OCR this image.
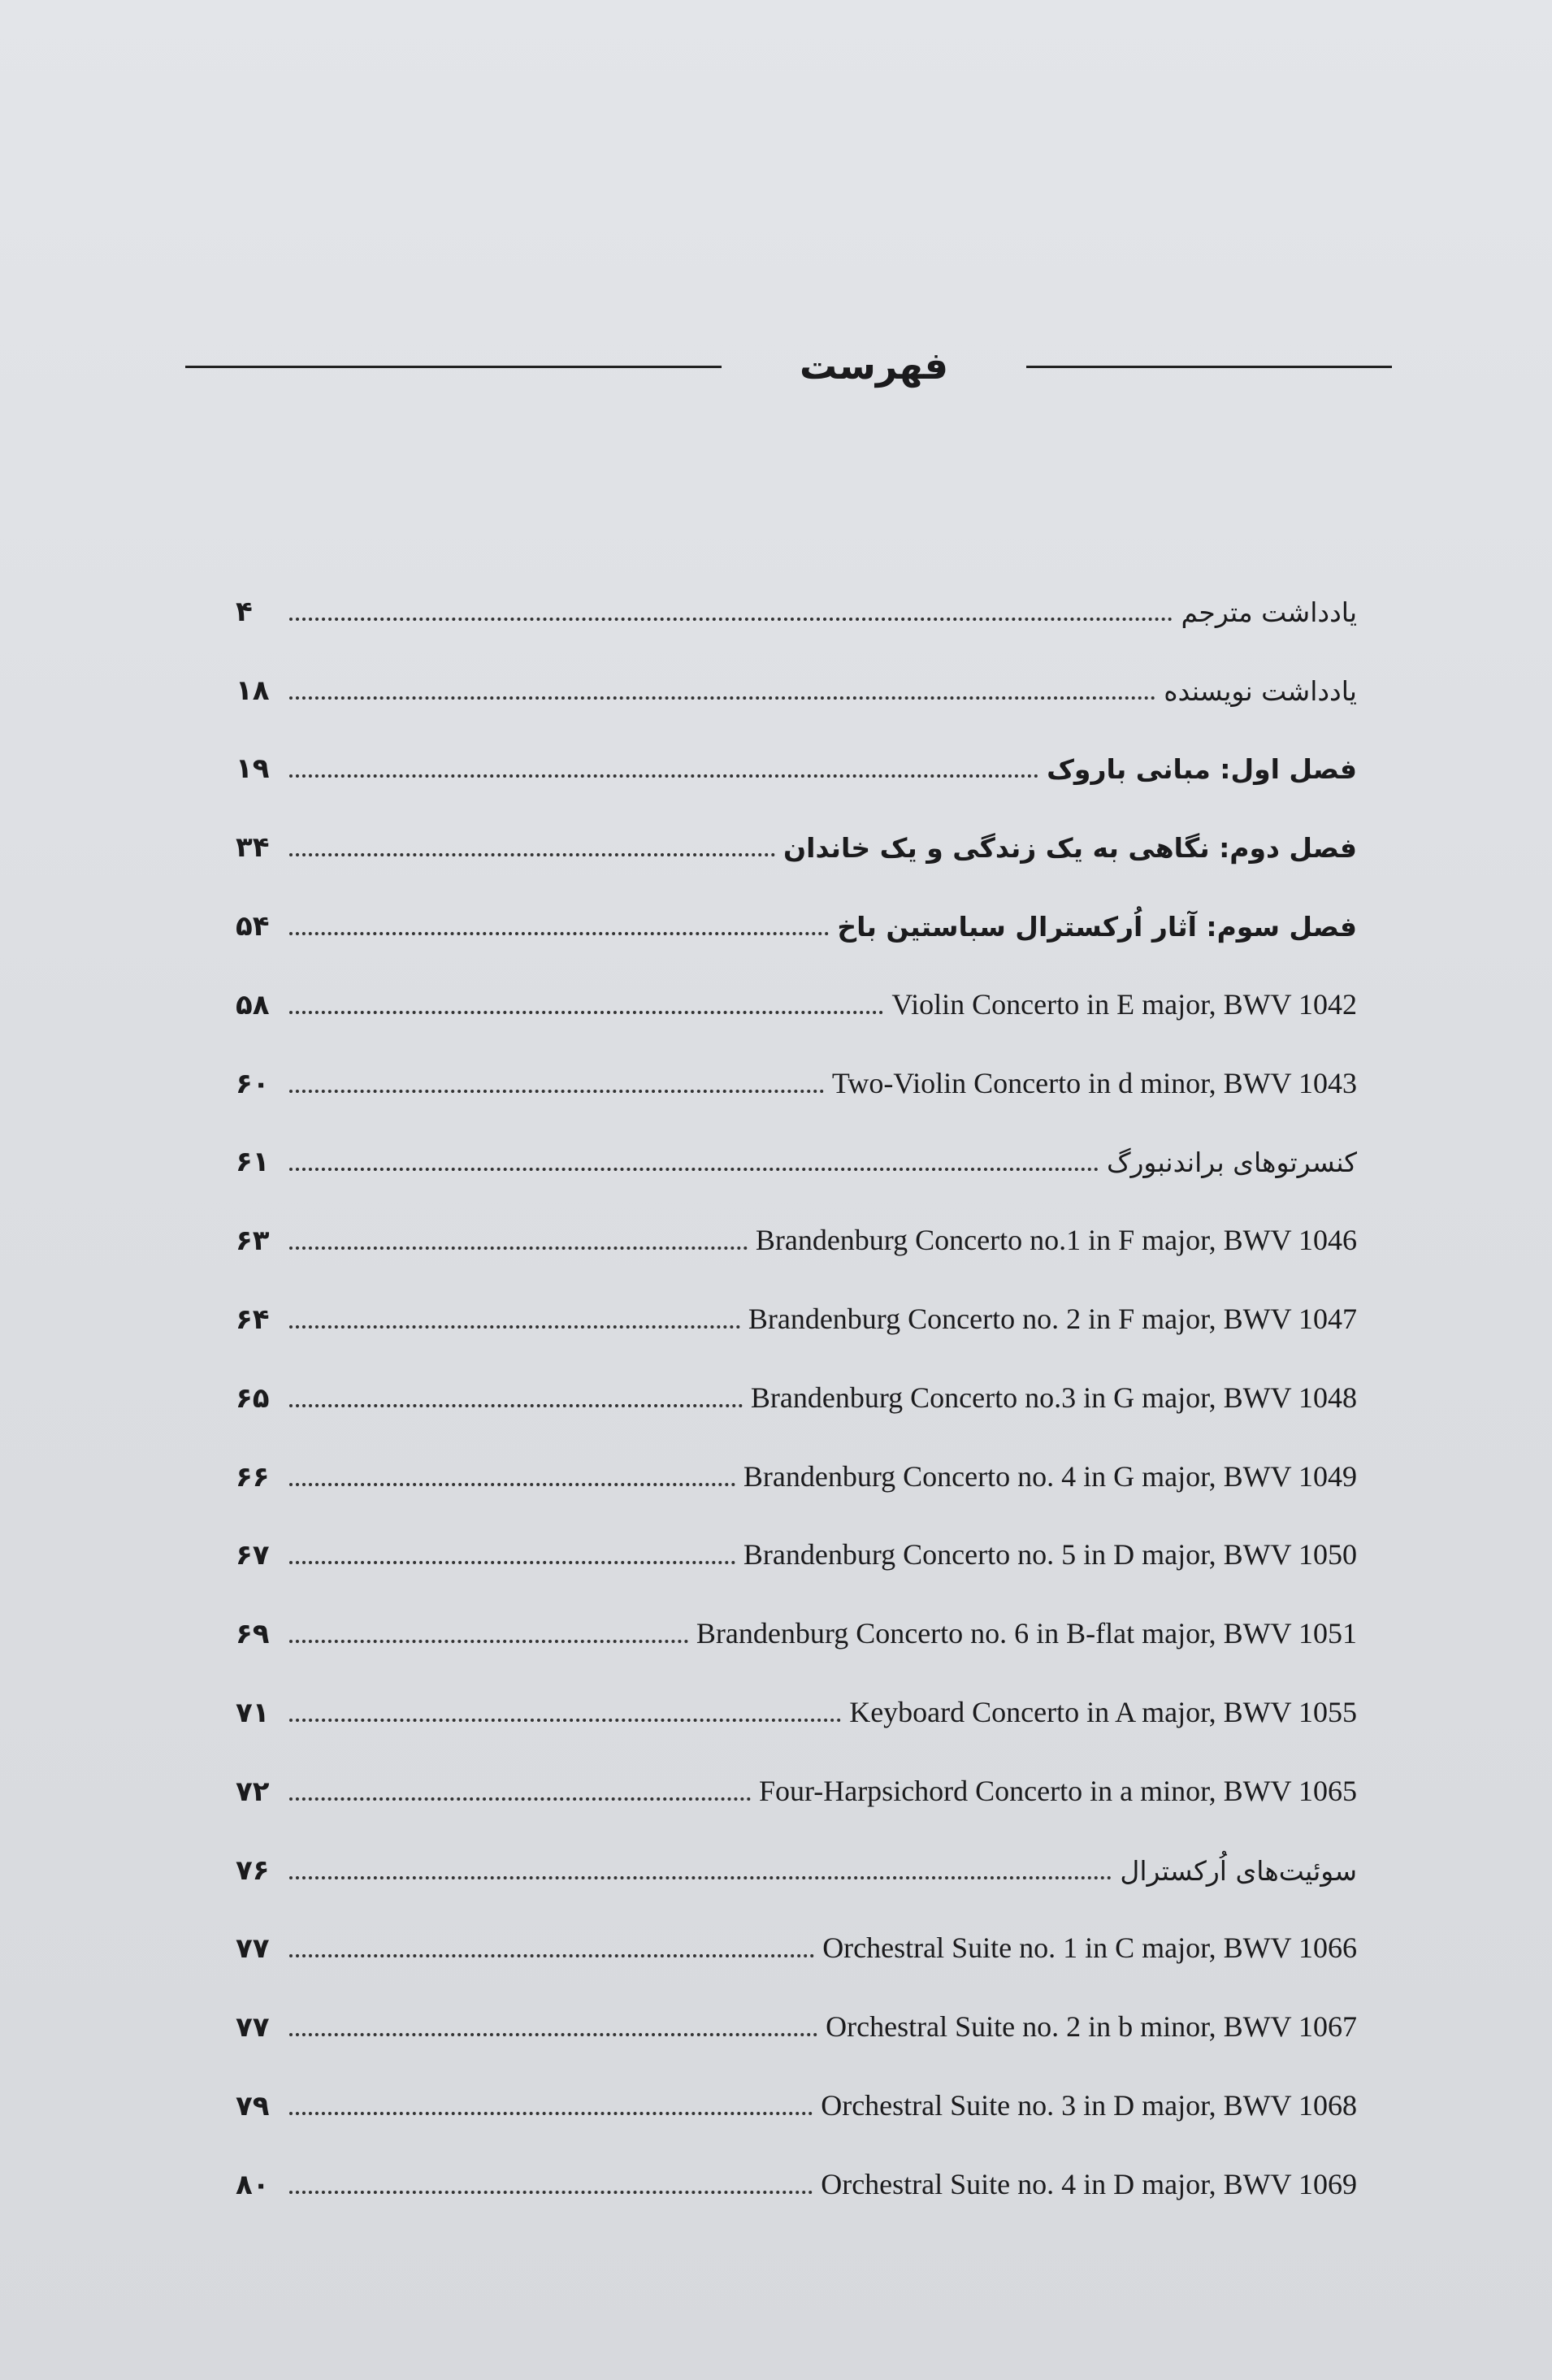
فهرست
۴	یادداشت مترجم
۱۸	یادداشت نویسنده
۱۹	فصل اول: مبانی باروک
۳۴	فصل دوم: نگاهی به یک زندگی و یک خاندان
۵۴	فصل سوم: آثار اُرکسترال سباستین باخ
۵۸	Violin Concerto in E major, BWV 1042
۶۰	Two-Violin Concerto in d minor, BWV 1043
۶۱	کنسرتوهای براندنبورگ
۶۳	Brandenburg Concerto no.1 in F major, BWV 1046
۶۴	Brandenburg Concerto no. 2 in F major, BWV 1047
۶۵	Brandenburg Concerto no.3 in G major, BWV 1048
۶۶	Brandenburg Concerto no. 4 in G major, BWV 1049
۶۷	Brandenburg Concerto no. 5 in D major, BWV 1050
۶۹	Brandenburg Concerto no. 6 in B-flat major, BWV 1051
۷۱	Keyboard Concerto in A major, BWV 1055
۷۲	Four-Harpsichord Concerto in a minor, BWV 1065
۷۶	سوئیت‌های اُرکسترال
۷۷	Orchestral Suite no. 1 in C major, BWV 1066
۷۷	Orchestral Suite no. 2 in b minor, BWV 1067
۷۹	Orchestral Suite no. 3 in D major, BWV 1068
۸۰	Orchestral Suite no. 4 in D major, BWV 1069
